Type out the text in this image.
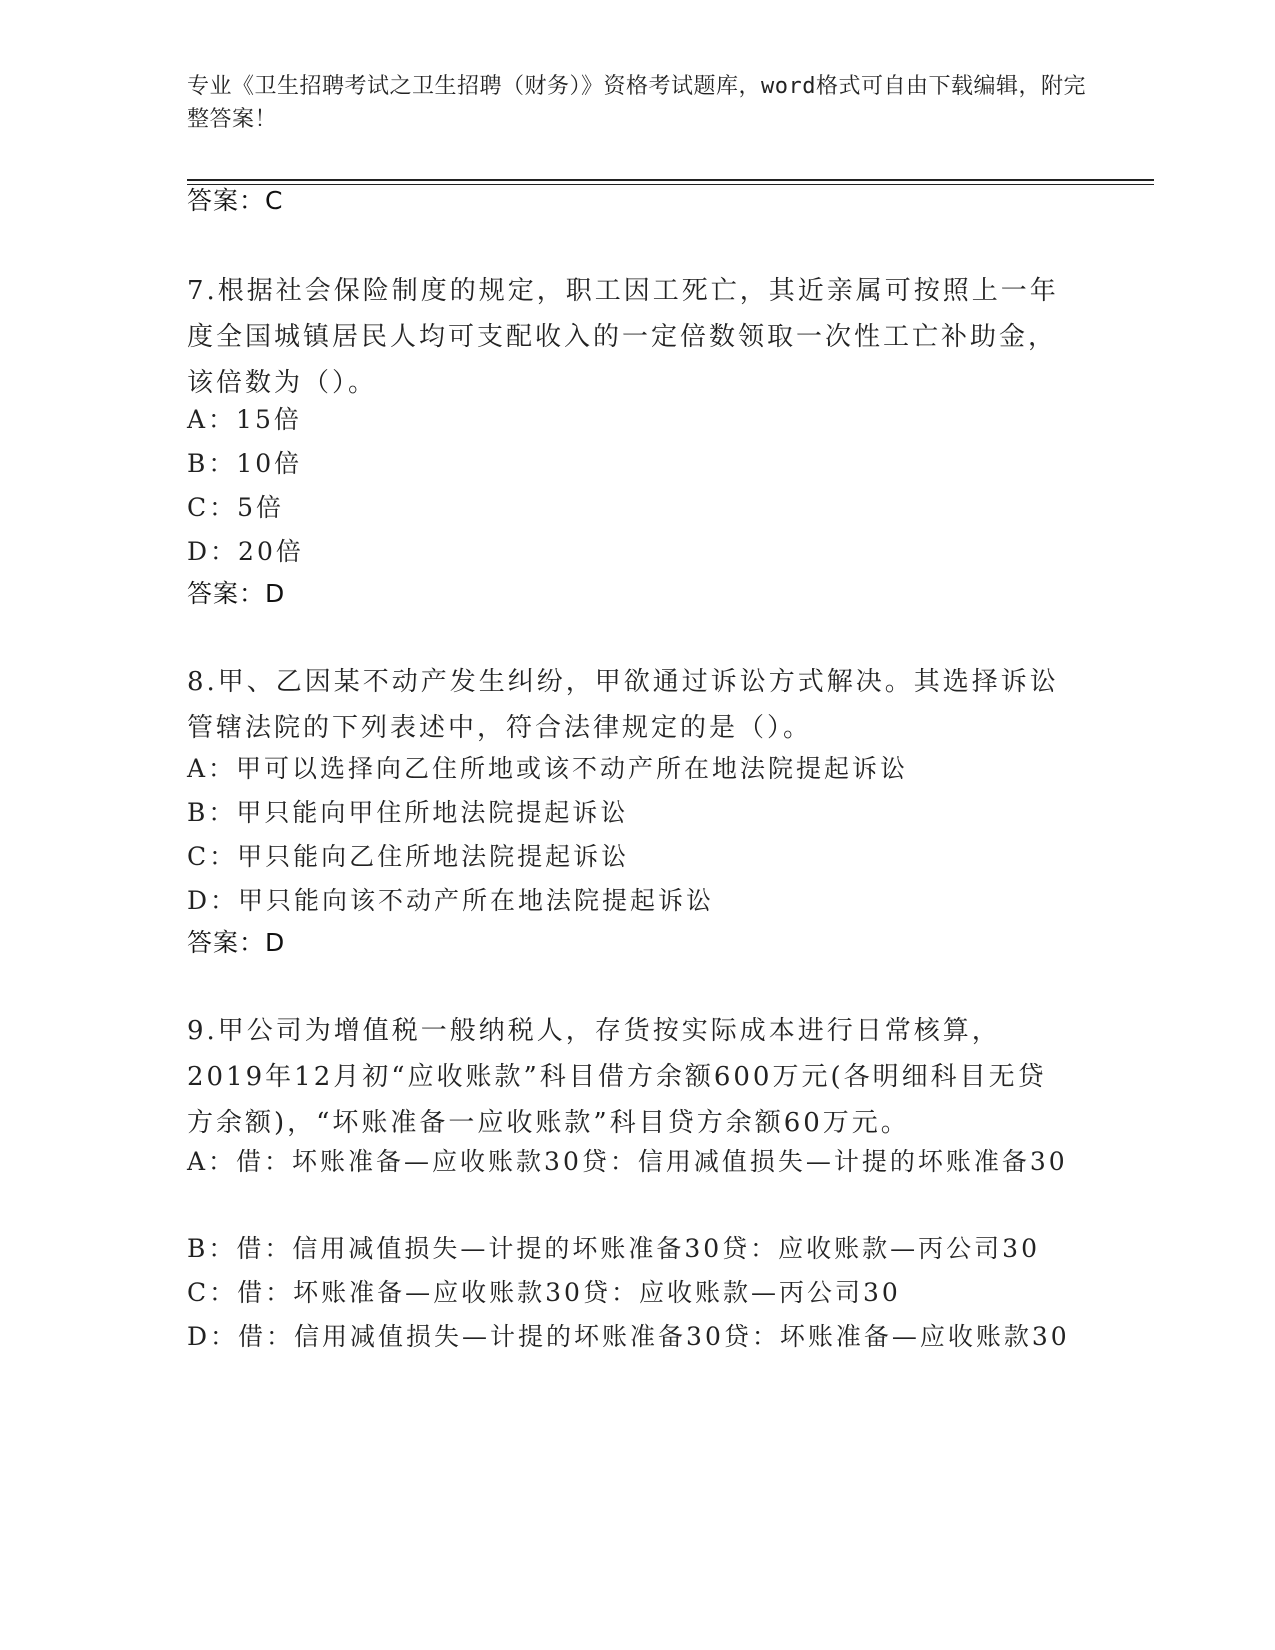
专业《卫生招聘考试之卫生招聘（财务）》资格考试题库，word格式可自由下载编辑，附完整答案！
答案：C
7.根据社会保险制度的规定，职工因工死亡，其近亲属可按照上一年度全国城镇居民人均可支配收入的一定倍数领取一次性工亡补助金，该倍数为（）。
A：15倍
B：10倍
C：5倍
D：20倍
答案：D
8.甲、乙因某不动产发生纠纷，甲欲通过诉讼方式解决。其选择诉讼管辖法院的下列表述中，符合法律规定的是（）。
A：甲可以选择向乙住所地或该不动产所在地法院提起诉讼
B：甲只能向甲住所地法院提起诉讼
C：甲只能向乙住所地法院提起诉讼
D：甲只能向该不动产所在地法院提起诉讼
答案：D
9.甲公司为增值税一般纳税人，存货按实际成本进行日常核算，2019年12月初“应收账款”科目借方余额600万元(各明细科目无贷方余额)，“坏账准备一应收账款”科目贷方余额60万元。
A：借：坏账准备—应收账款30贷：信用减值损失—计提的坏账准备30
B：借：信用减值损失—计提的坏账准备30贷：应收账款—丙公司30
C：借：坏账准备—应收账款30贷：应收账款—丙公司30
D：借：信用减值损失—计提的坏账准备30贷：坏账准备—应收账款30
